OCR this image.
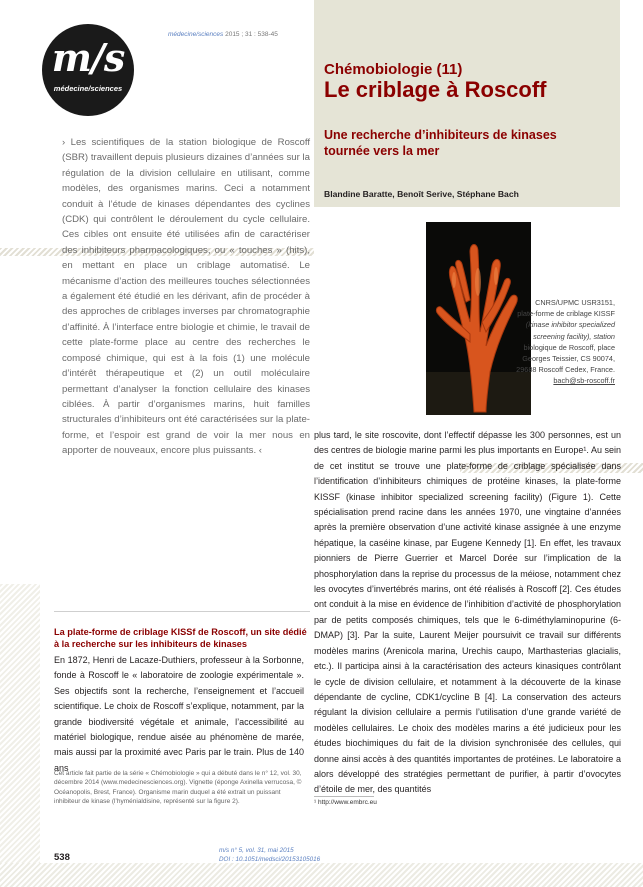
m/s
médecine/sciences
médecine/sciences 2015 ; 31 : 538-45
Chémobiologie (11)
Le criblage à Roscoff
Une recherche d’inhibiteurs de kinases tournée vers la mer
Blandine Baratte, Benoît Serive, Stéphane Bach
› Les scientifiques de la station biologique de Roscoff (SBR) travaillent depuis plusieurs dizaines d’années sur la régulation de la division cellulaire en utilisant, comme modèles, des organismes marins. Ceci a notamment conduit à l’étude de kinases dépendantes des cyclines (CDK) qui contrôlent le déroulement du cycle cellulaire. Ces cibles ont ensuite été utilisées afin de caractériser des inhibiteurs pharmacologiques, ou « touches » (hits), en mettant en place un criblage automatisé. Le mécanisme d’action des meilleures touches sélectionnées a également été étudié en les dérivant, afin de procéder à des approches de criblages inverses par chromatographie d’affinité. À l’interface entre biologie et chimie, le travail de cette plate-forme place au centre des recherches le composé chimique, qui est à la fois (1) une molécule d’intérêt thérapeutique et (2) un outil moléculaire permettant d’analyser la fonction cellulaire des kinases ciblées. À partir d’organismes marins, huit familles structurales d’inhibiteurs ont été caractérisées sur la plate-forme, et l’espoir est grand de voir la mer nous en apporter de nouveaux, encore plus puissants. ‹
CNRS/UPMC USR3151,
plate-forme de criblage KISSF
(kinase inhibitor specialized
screening facility), station
biologique de Roscoff, place
Georges Teissier, CS 90074,
29688 Roscoff Cedex, France.
bach@sb-roscoff.fr
La plate-forme de criblage KISSf de Roscoff, un site dédié à la recherche sur les inhibiteurs de kinases
En 1872, Henri de Lacaze-Duthiers, professeur à la Sorbonne, fonde à Roscoff le « laboratoire de zoologie expérimentale ». Ses objectifs sont la recherche, l’enseignement et l’accueil scientifique. Le choix de Roscoff s’explique, notamment, par la grande biodiversité végétale et animale, l’accessibilité au matériel biologique, rendue aisée au phénomène de marée, mais aussi par la proximité avec Paris par le train. Plus de 140 ans
plus tard, le site roscovite, dont l’effectif dépasse les 300 personnes, est un des centres de biologie marine parmi les plus importants en Europe¹. Au sein de cet institut se trouve une plate-forme de criblage spécialisée dans l’identification d’inhibiteurs chimiques de protéine kinases, la plate-forme KISSF (kinase inhibitor specialized screening facility) (Figure 1). Cette spécialisation prend racine dans les années 1970, une vingtaine d’années après la première observation d’une activité kinase assignée à une enzyme hépatique, la caséine kinase, par Eugene Kennedy [1]. En effet, les travaux pionniers de Pierre Guerrier et Marcel Dorée sur l’implication de la phosphorylation dans la reprise du processus de la méiose, notamment chez les ovocytes d’invertébrés marins, ont été réalisés à Roscoff [2]. Ces études ont conduit à la mise en évidence de l’inhibition d’activité de phosphorylation par de petits composés chimiques, tels que le 6-diméthylaminopurine (6-DMAP) [3]. Par la suite, Laurent Meijer poursuivit ce travail sur différents modèles marins (Arenicola marina, Urechis caupo, Marthasterias glacialis, etc.). Il participa ainsi à la caractérisation des acteurs kinasiques contrôlant le cycle de division cellulaire, et notamment à la découverte de la kinase dépendante de cycline, CDK1/cycline B [4]. La conservation des acteurs régulant la division cellulaire a permis l’utilisation d’une grande variété de modèles cellulaires. Le choix des modèles marins a été judicieux pour les études biochimiques du fait de la division synchronisée des cellules, qui donne ainsi accès à des quantités importantes de protéines. Le laboratoire a alors développé des stratégies permettant de purifier, à partir d’ovocytes d’étoile de mer, des quantités
Cet article fait partie de la série « Chémobiologie » qui a débuté dans le n° 12, vol. 30, décembre 2014 (www.medecinesciences.org). Vignette (éponge Axinella verrucosa, © Océanopolis, Brest, France). Organisme marin duquel a été extrait un puissant inhibiteur de kinase (l’hyménialdisine, représenté sur la figure 2).	¹ http://www.embrc.eu
538
m/s n° 5, vol. 31, mai 2015
DOI : 10.1051/medsci/20153105016
